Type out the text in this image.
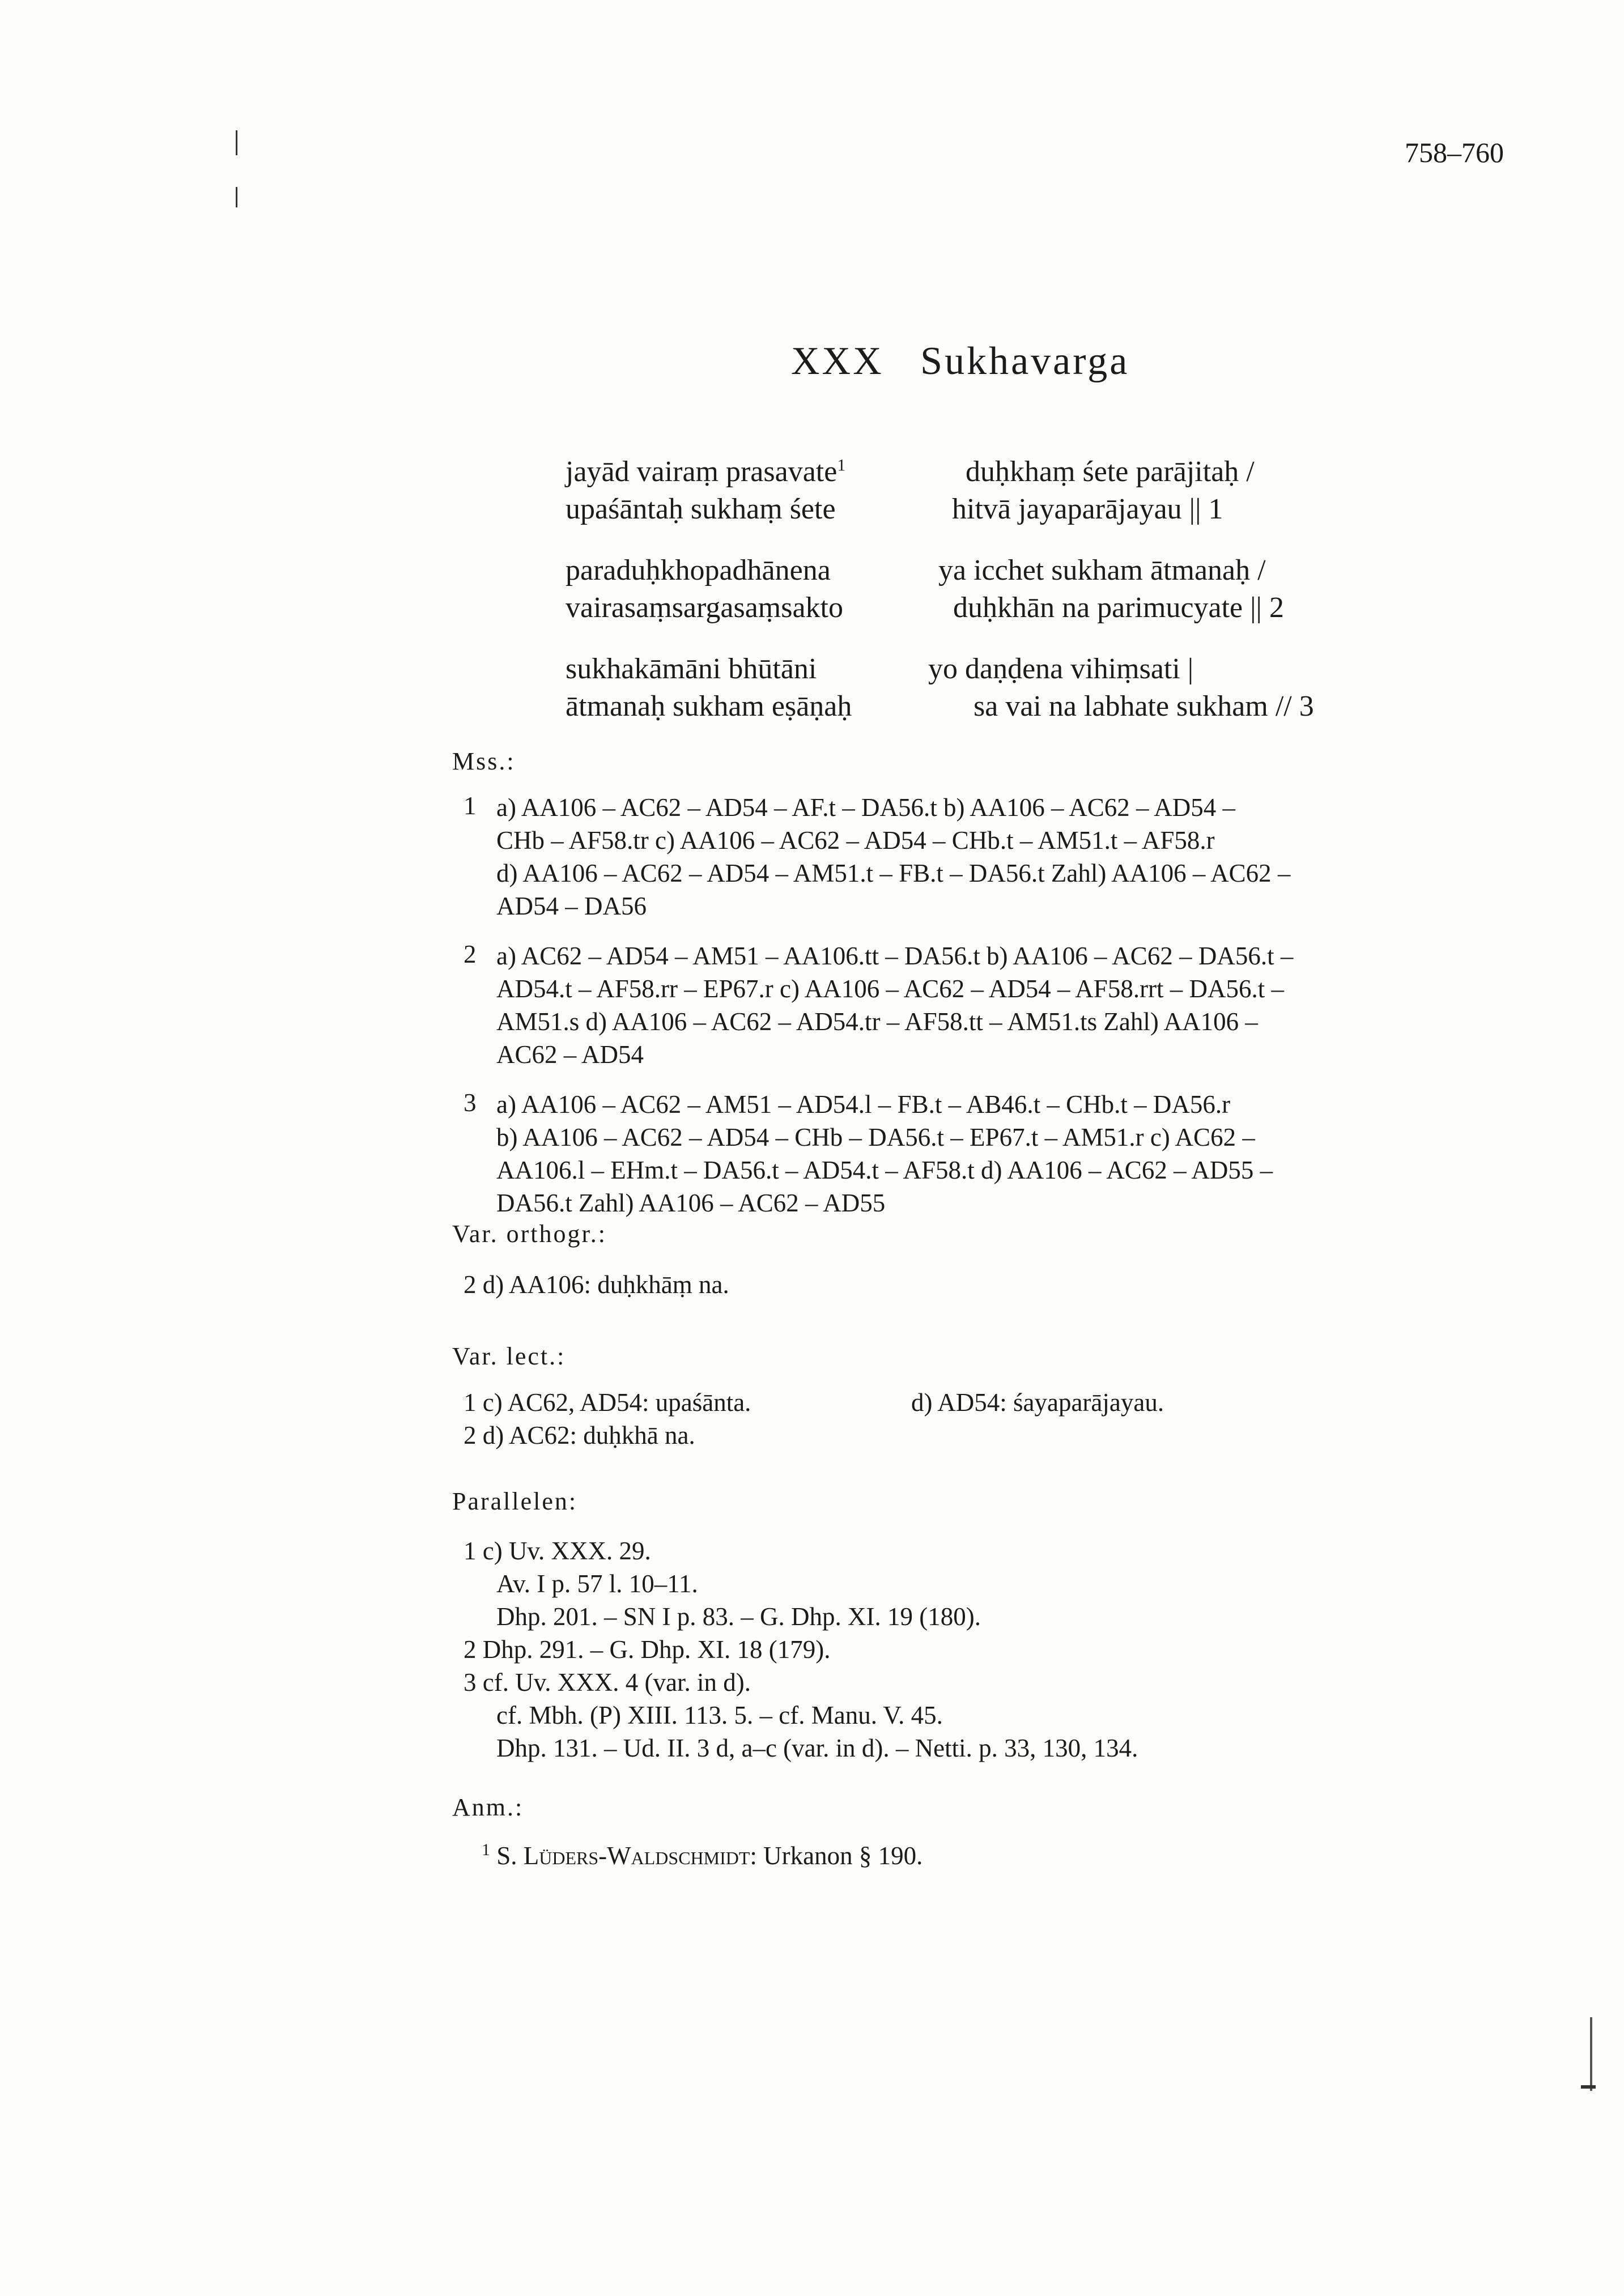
758–760
XXX   Sukhavarga
jayād vairaṃ prasavate$^1$	duḥkhaṃ śete parājitaḥ /
upaśāntaḥ sukhaṃ śete	hitvā jayaparājayau || 1
paraduḥkhopadhānena	ya icchet sukham ātmanaḥ /
vairasaṃsargasaṃsakto	duḥkhān na parimucyate || 2
sukhakāmāni bhūtāni	yo daṇḍena vihiṃsati |
ātmanaḥ sukham eṣāṇaḥ	sa vai na labhate sukham // 3
Mss.:
1 a) AA106 – AC62 – AD54 – AF.t – DA56.t b) AA106 – AC62 – AD54 –
CHb – AF58.tr c) AA106 – AC62 – AD54 – CHb.t – AM51.t – AF58.r
d) AA106 – AC62 – AD54 – AM51.t – FB.t – DA56.t Zahl) AA106 – AC62 –
AD54 – DA56
2 a) AC62 – AD54 – AM51 – AA106.tt – DA56.t b) AA106 – AC62 – DA56.t –
AD54.t – AF58.rr – EP67.r c) AA106 – AC62 – AD54 – AF58.rrt – DA56.t –
AM51.s d) AA106 – AC62 – AD54.tr – AF58.tt – AM51.ts Zahl) AA106 –
AC62 – AD54
3 a) AA106 – AC62 – AM51 – AD54.l – FB.t – AB46.t – CHb.t – DA56.r
b) AA106 – AC62 – AD54 – CHb – DA56.t – EP67.t – AM51.r c) AC62 –
AA106.l – EHm.t – DA56.t – AD54.t – AF58.t d) AA106 – AC62 – AD55 –
DA56.t Zahl) AA106 – AC62 – AD55
Var. orthogr.:
2 d) AA106: duḥkhāṃ na.
Var. lect.:
1 c) AC62, AD54: upaśānta.	d) AD54: śayaparājayau.
2 d) AC62: duḥkhā na.
Parallelen:
1 c) Uv. XXX. 29.
Av. I p. 57 l. 10–11.
Dhp. 201. – SN I p. 83. – G. Dhp. XI. 19 (180).
2 Dhp. 291. – G. Dhp. XI. 18 (179).
3 cf. Uv. XXX. 4 (var. in d).
cf. Mbh. (P) XIII. 113. 5. – cf. Manu. V. 45.
Dhp. 131. – Ud. II. 3 d, a–c (var. in d). – Netti. p. 33, 130, 134.
Anm.:
$^1$ S. Lüders-Waldschmidt: Urkanon § 190.
